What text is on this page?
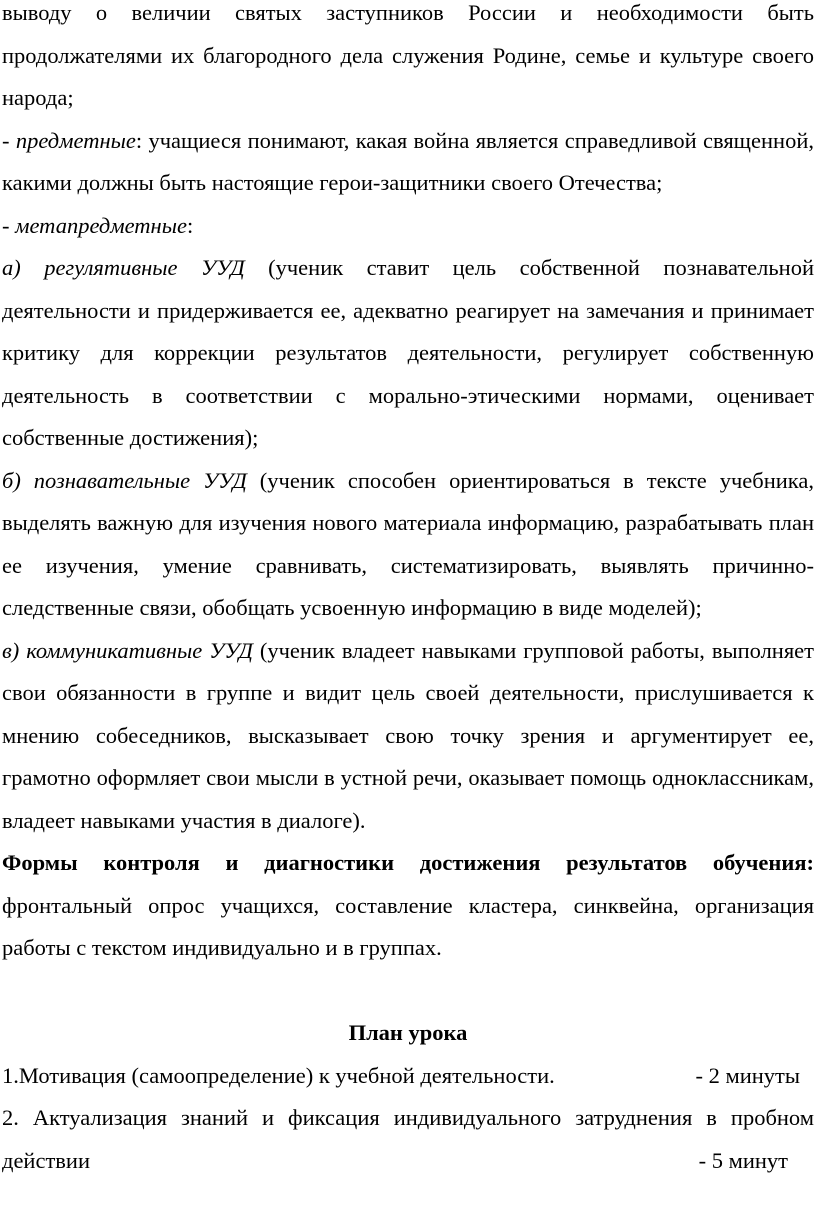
выводу о величии святых заступников России и необходимости быть продолжателями их благородного дела служения Родине, семье и культуре своего народа;

- предметные: учащиеся понимают, какая война является справедливой священной, какими должны быть настоящие герои-защитники своего Отечества;

- метапредметные:

а) регулятивные УУД (ученик ставит цель собственной познавательной деятельности и придерживается ее, адекватно реагирует на замечания и принимает критику для коррекции результатов деятельности, регулирует собственную деятельность в соответствии с морально-этическими нормами, оценивает собственные достижения);

б) познавательные УУД (ученик способен ориентироваться в тексте учебника, выделять важную для изучения нового материала информацию, разрабатывать план ее изучения, умение сравнивать, систематизировать, выявлять причинно-следственные связи, обобщать усвоенную информацию в виде моделей);

в) коммуникативные УУД (ученик владеет навыками групповой работы, выполняет свои обязанности в группе и видит цель своей деятельности, прислушивается к мнению собеседников, высказывает свою точку зрения и аргументирует ее, грамотно оформляет свои мысли в устной речи, оказывает помощь одноклассникам, владеет навыками участия в диалоге).

Формы контроля и диагностики достижения результатов обучения: фронтальный опрос учащихся, составление кластера, синквейна, организация работы с текстом индивидуально и в группах.

План урока

1.Мотивация (самоопределение) к учебной деятельности.	- 2 минуты
2. Актуализация знаний и фиксация индивидуального затруднения в пробном действии	- 5 минут
